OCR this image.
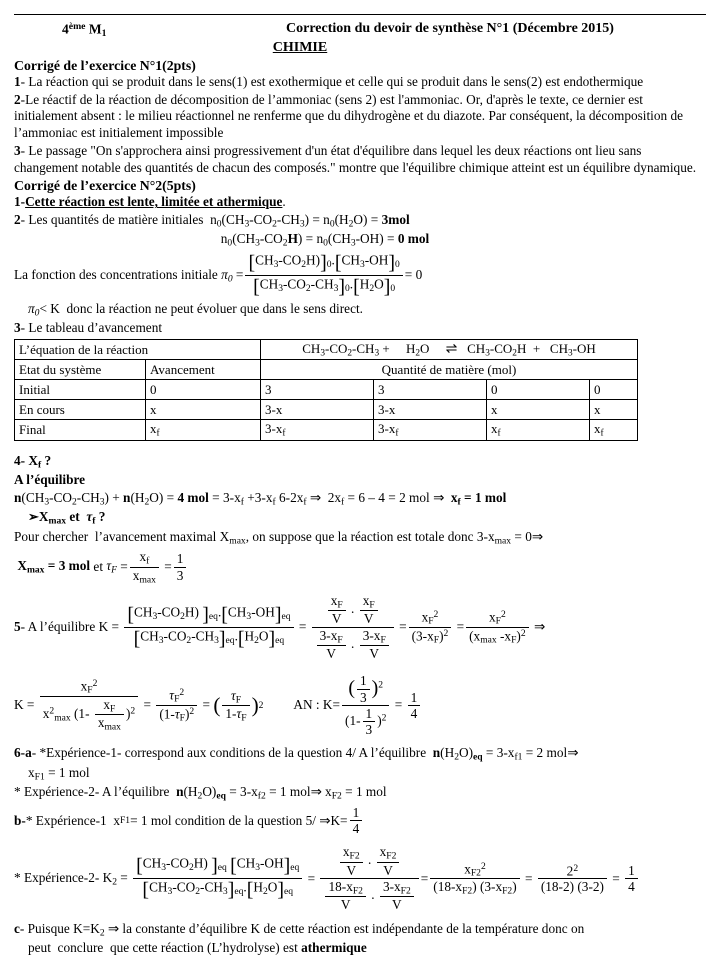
4ème $M_1$	Correction du devoir de synthèse N°1 (Décembre 2015)
CHIMIE
Corrigé de l’exercice N°1(2pts)

1- La réaction qui se produit dans le sens(1) est exothermique et celle qui se produit dans le sens(2) est endothermique

2-Le réactif de la réaction de décomposition de l’ammoniac (sens 2) est l'ammoniac. Or, d'après le texte, ce dernier est initialement absent : le milieu réactionnel ne renferme que du dihydrogène et du diazote. Par conséquent, la décomposition de l’ammoniac est initialement impossible

3- Le passage "On s'approchera ainsi progressivement d'un état d'équilibre dans lequel les deux réactions ont lieu sans changement notable des quantités de chacun des composés." montre que l'équilibre chimique atteint est un équilibre dynamique.

Corrigé de l’exercice N°2(5pts)

1-Cette réaction est lente, limitée et athermique.

2- Les quantités de matière initiales  $n_0(CH_3-CO_2-CH_3) = n_0(H_2O) = 3mol$

$n_0(CH_3-CO_2H) = n_0(CH_3-OH) = 0$ mol

La fonction des concentrations initiale
$\pi_0 = \frac{[CH_3-CO_2H)]_0.[CH_3-OH]_0}{[CH_3-CO_2-CH_3]_0.[H_2O]_0} = 0$

$\pi_0< K$  donc la réaction ne peut évoluer que dans le sens direct.

3- Le tableau d’avancement

L’équation de la réaction		$CH_3-CO_2-CH_3$ +     $H_2O$     ⇌   $CH_3-CO_2H + CH_3-OH$			
Etat du système	Avancement	Quantité de matière (mol)			
Initial	0	3	3	0	0
En cours	x	3-x	3-x	x	x
Final	$x_f$	$3-x_f$	$3-x_f$	$x_f$	$x_f$

4- $X_f$ ?

A l’équilibre

$n(CH_3-CO_2-CH_3) + n(H_2O) = 4$ mol = $3-x_f +3-x_f$ $6-2x_f$ ⇒  $2x_f = 6 - 4 = 2$ mol ⇒ $x_f = 1$ mol

$➢X_{max}$ et  $\tau_f$ ?

Pour chercher  l’avancement maximal $X_{max}$, on suppose que la réaction est totale donc $3-x_{max}$ = 0⇒

$X_{max} = 3$ mol
et
$\tau_F = \frac{x_f}{x_{max}} = \frac{1}{3}$
5 - A l’équilibre K =
$\frac{[CH_3-CO_2H) ]_{eq}.[CH_3-OH]_{eq}}{[CH_3-CO_2-CH_3]_{eq}.[H_2O]_{eq}} = \frac{\frac{x_F}{V} . \frac{x_F}{V}}{\frac{3-x_F}{V} . \frac{3-x_F}{V}} = \frac{x_F^2}{(3-x_F)^2} = \frac{x_F^2}{(x_{max} -x_F)^2}$
⇒
K =
$\frac{x_F^2}{x^2_{max} (1- \frac{x_F}{x_{max}} )^2} = \frac{\tau_F^2}{(1-\tau_F)^2}$ = ( $\frac{\tau_F}{1-\tau_F}$ ) 2
AN : $K= \frac{( \frac{1}{3} )^2}{(1- \frac{1}{3} )^2} = \frac{1}{4}$

6-a- *Expérience-1- correspond aux conditions de la question 4/ A l’équilibre  $n(H_2O)_{eq} = 3-x_{f1} = 2$ mol⇒

$x_{F1} = 1$ mol

* Expérience-2- A l’équilibre  $n(H_2O)_{eq} = 3-x_{f2} = 1$ mol⇒ $x_{F2} = 1$ mol

b- * Expérience-1  x F1 = 1 mol condition de la question 5/ ⇒ $K= \frac{1}{4}$
* Expérience-2- $K_2$ =
$\frac{[CH_3-CO_2H) ]_{eq} [CH_3-OH]_{eq}}{[CH_3-CO_2-CH_3]_{eq}.[H_2O]_{eq}} = \frac{\frac{x_{F2}}{V} . \frac{x_{F2}}{V}}{\frac{18-x_{F2}}{V} . \frac{3-x_{F2}}{V}} = \frac{x_{F2}^2}{(18-x_{F2}) (3-x_{F2})} = \frac{2^2}{(18-2) (3-2)} = \frac{1}{4}$

c- Puisque $K=K_2$ ⇒ la constante d’équilibre K de cette réaction est indépendante de la température donc on

peut  conclure  que cette réaction (L’hydrolyse) est athermique
